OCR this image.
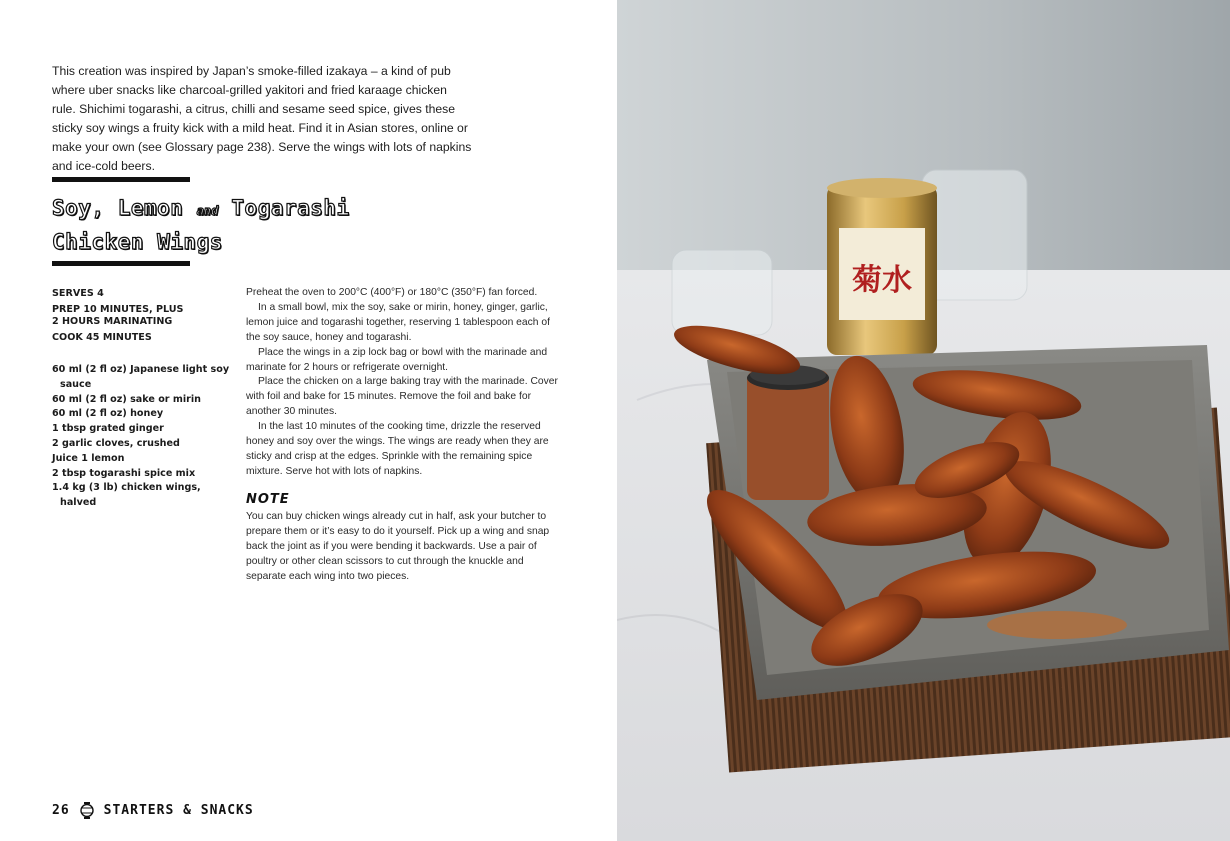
This creation was inspired by Japan’s smoke-filled izakaya – a kind of pub where uber snacks like charcoal-grilled yakitori and fried karaage chicken rule. Shichimi togarashi, a citrus, chilli and sesame seed spice, gives these sticky soy wings a fruity kick with a mild heat. Find it in Asian stores, online or make your own (see Glossary page 238). Serve the wings with lots of napkins and ice-cold beers.

Soy, Lemon and Togarashi
Chicken Wings
SERVES 4
PREP 10 MINUTES, PLUS
2 HOURS MARINATING
COOK 45 MINUTES
60 ml (2 fl oz) Japanese light soy sauce
60 ml (2 fl oz) sake or mirin
60 ml (2 fl oz) honey
1 tbsp grated ginger
2 garlic cloves, crushed
Juice 1 lemon
2 tbsp togarashi spice mix
1.4 kg (3 lb) chicken wings, halved

Preheat the oven to 200°C (400°F) or 180°C (350°F) fan forced.

In a small bowl, mix the soy, sake or mirin, honey, ginger, garlic, lemon juice and togarashi together, reserving 1 tablespoon each of the soy sauce, honey and togarashi.

Place the wings in a zip lock bag or bowl with the marinade and marinate for 2 hours or refrigerate overnight.

Place the chicken on a large baking tray with the marinade. Cover with foil and bake for 15 minutes. Remove the foil and bake for another 30 minutes.

In the last 10 minutes of the cooking time, drizzle the reserved honey and soy over the wings. The wings are ready when they are sticky and crisp at the edges. Sprinkle with the remaining spice mixture. Serve hot with lots of napkins.

NOTE

You can buy chicken wings already cut in half, ask your butcher to prepare them or it’s easy to do it yourself. Pick up a wing and snap back the joint as if you were bending it backwards. Use a pair of poultry or other clean scissors to cut through the knuckle and separate each wing into two pieces.

26	STARTERS & SNACKS
菊水
